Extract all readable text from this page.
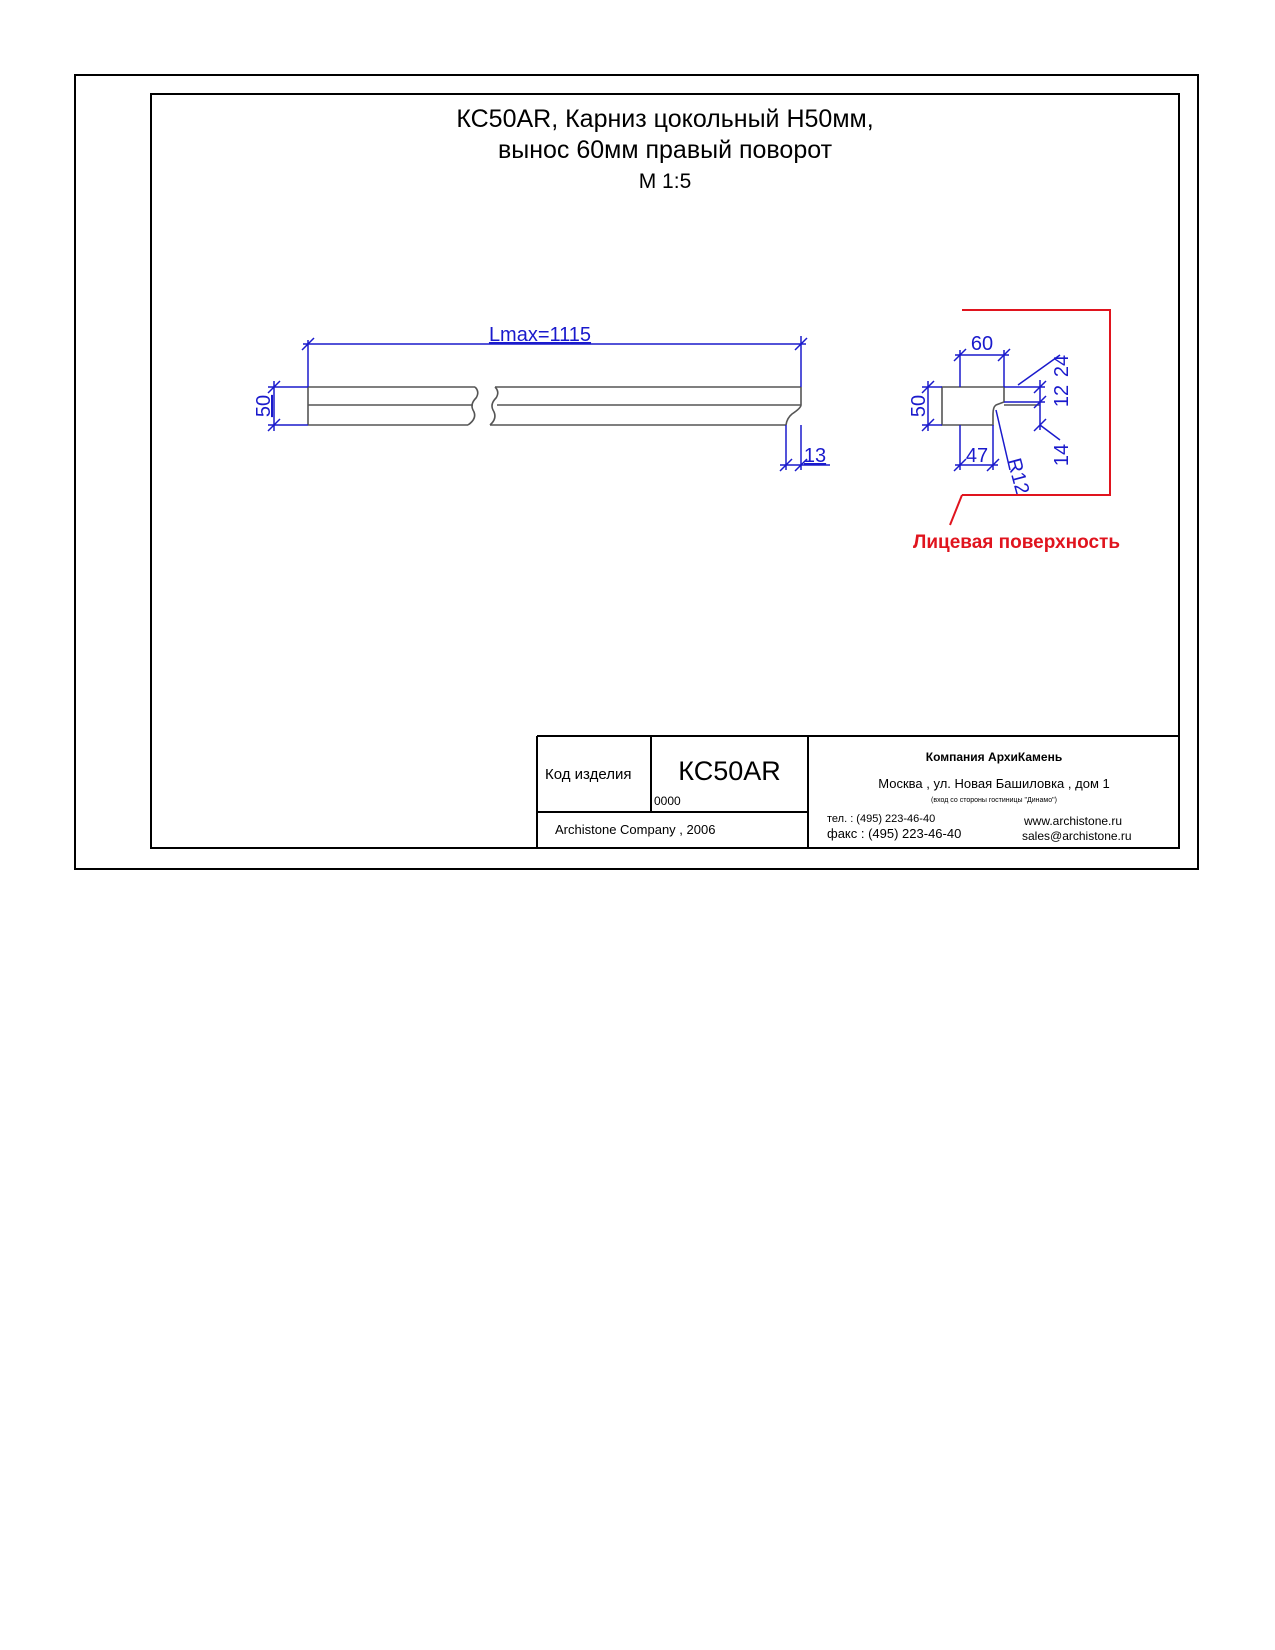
КС50AR, Карниз цокольный Н50мм,
вынос 60мм правый поворот
М 1:5
Lmax=1115
50
13
60
50
47 R12
24
12
14
Лицевая поверхность
Код изделия	КС50AR
0000
Archistone Company , 2006
Компания АрхиКамень
Москва , ул. Новая Башиловка , дом 1
(вход со стороны гостиницы "Динамо")
тел. : (495) 223-46-40
факс : (495) 223-46-40
www.archistone.ru
sales@archistone.ru
